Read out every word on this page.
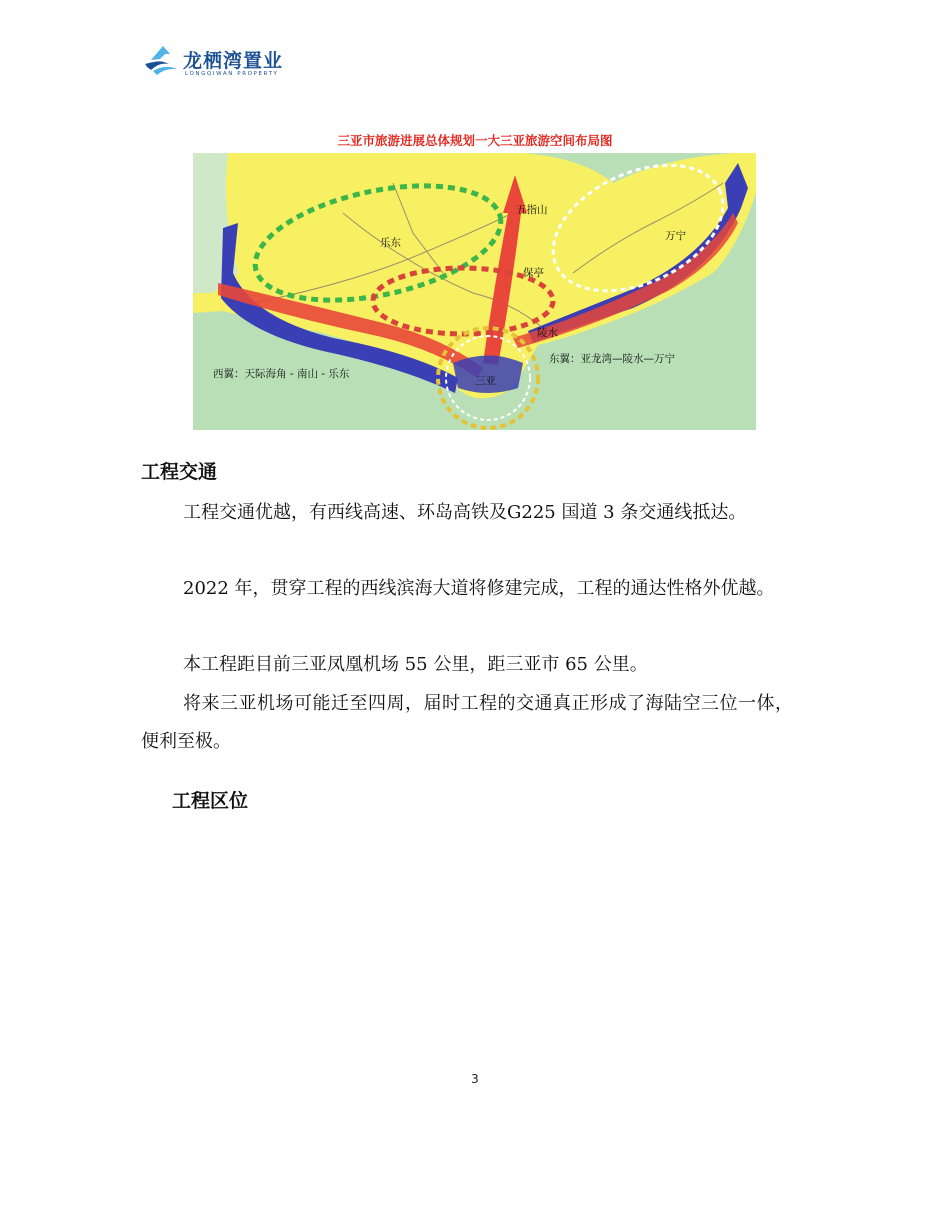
龙栖湾置业
LONGQIWAN PROPERTY
三亚市旅游进展总体规划一大三亚旅游空间布局图
五指山
乐东
万宁
保亭
陵水
三亚
西翼：天际海角 - 南山 - 乐东
东翼：亚龙湾—陵水—万宁
工程交通

工程交通优越，有西线高速、环岛高铁及G225 国道 3 条交通线抵达。

2022 年，贯穿工程的西线滨海大道将修建完成，工程的通达性格外优越。

本工程距目前三亚凤凰机场 55 公里，距三亚市 65 公里。

将来三亚机场可能迁至四周，届时工程的交通真正形成了海陆空三位一体，便利至极。

工程区位
3
